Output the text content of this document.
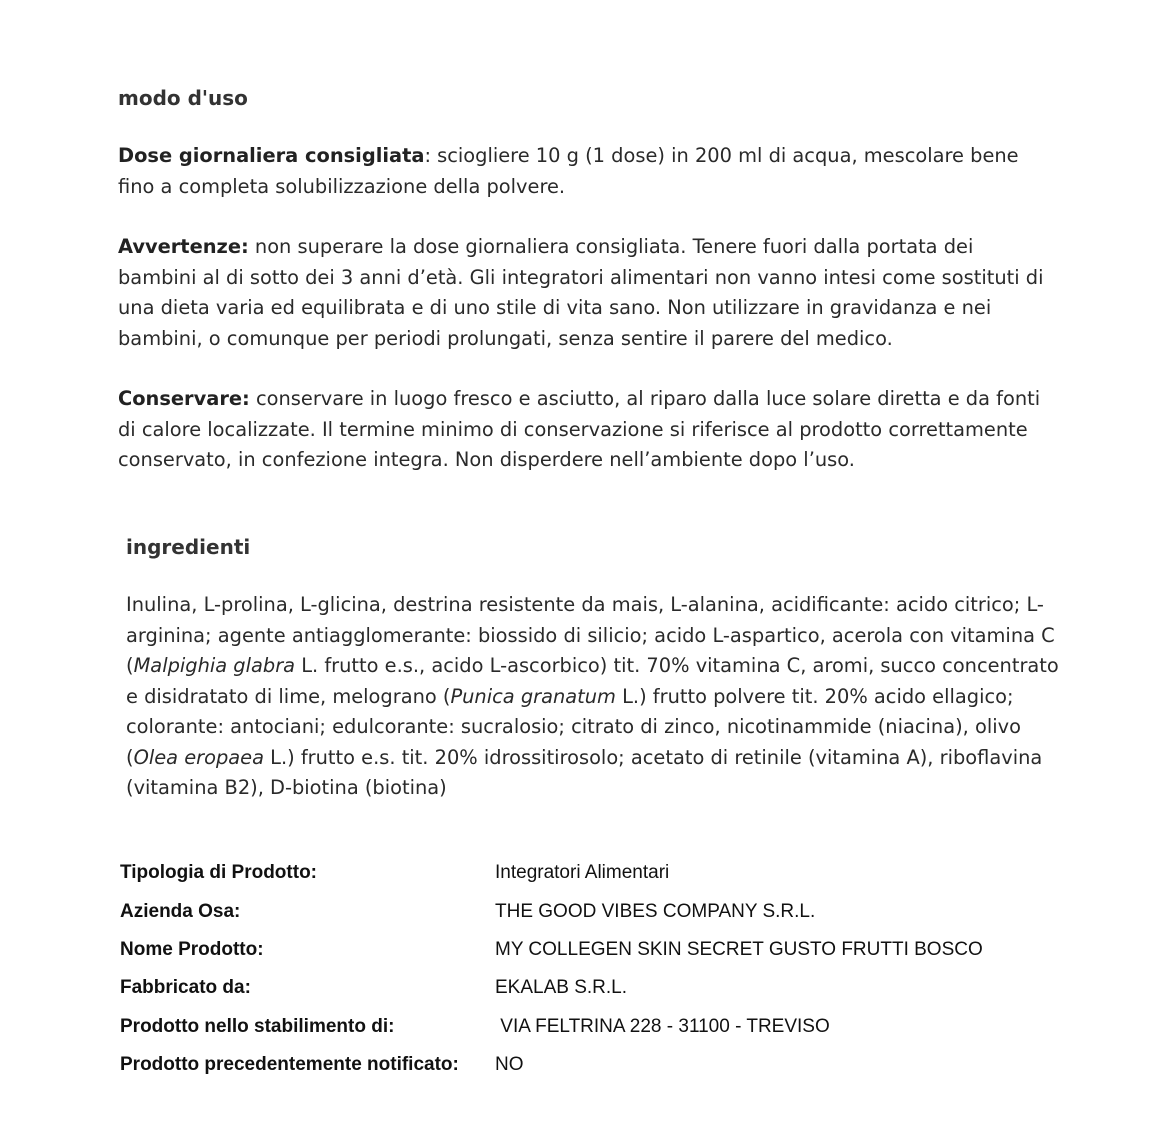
modo d'uso
Dose giornaliera consigliata: sciogliere 10 g (1 dose) in 200 ml di acqua, mescolare bene fino a completa solubilizzazione della polvere.
Avvertenze: non superare la dose giornaliera consigliata. Tenere fuori dalla portata dei bambini al di sotto dei 3 anni d’età. Gli integratori alimentari non vanno intesi come sostituti di una dieta varia ed equilibrata e di uno stile di vita sano. Non utilizzare in gravidanza e nei bambini, o comunque per periodi prolungati, senza sentire il parere del medico.
Conservare: conservare in luogo fresco e asciutto, al riparo dalla luce solare diretta e da fonti di calore localizzate. Il termine minimo di conservazione si riferisce al prodotto correttamente conservato, in confezione integra. Non disperdere nell’ambiente dopo l’uso.
ingredienti
Inulina, L-prolina, L-glicina, destrina resistente da mais, L-alanina, acidificante: acido citrico; L-arginina; agente antiagglomerante: biossido di silicio; acido L-aspartico, acerola con vitamina C (Malpighia glabra L. frutto e.s., acido L-ascorbico) tit. 70% vitamina C, aromi, succo concentrato e disidratato di lime, melograno (Punica granatum L.) frutto polvere tit. 20% acido ellagico; colorante: antociani; edulcorante: sucralosio; citrato di zinco, nicotinammide (niacina), olivo (Olea eropaea L.) frutto e.s. tit. 20% idrossitirosolo; acetato di retinile (vitamina A), riboflavina (vitamina B2), D-biotina (biotina)
Tipologia di Prodotto:	Integratori Alimentari
Azienda Osa:	THE GOOD VIBES COMPANY S.R.L.
Nome Prodotto:	MY COLLEGEN SKIN SECRET GUSTO FRUTTI BOSCO
Fabbricato da:	EKALAB S.R.L.
Prodotto nello stabilimento di:	VIA FELTRINA 228 - 31100 - TREVISO
Prodotto precedentemente notificato:	NO
